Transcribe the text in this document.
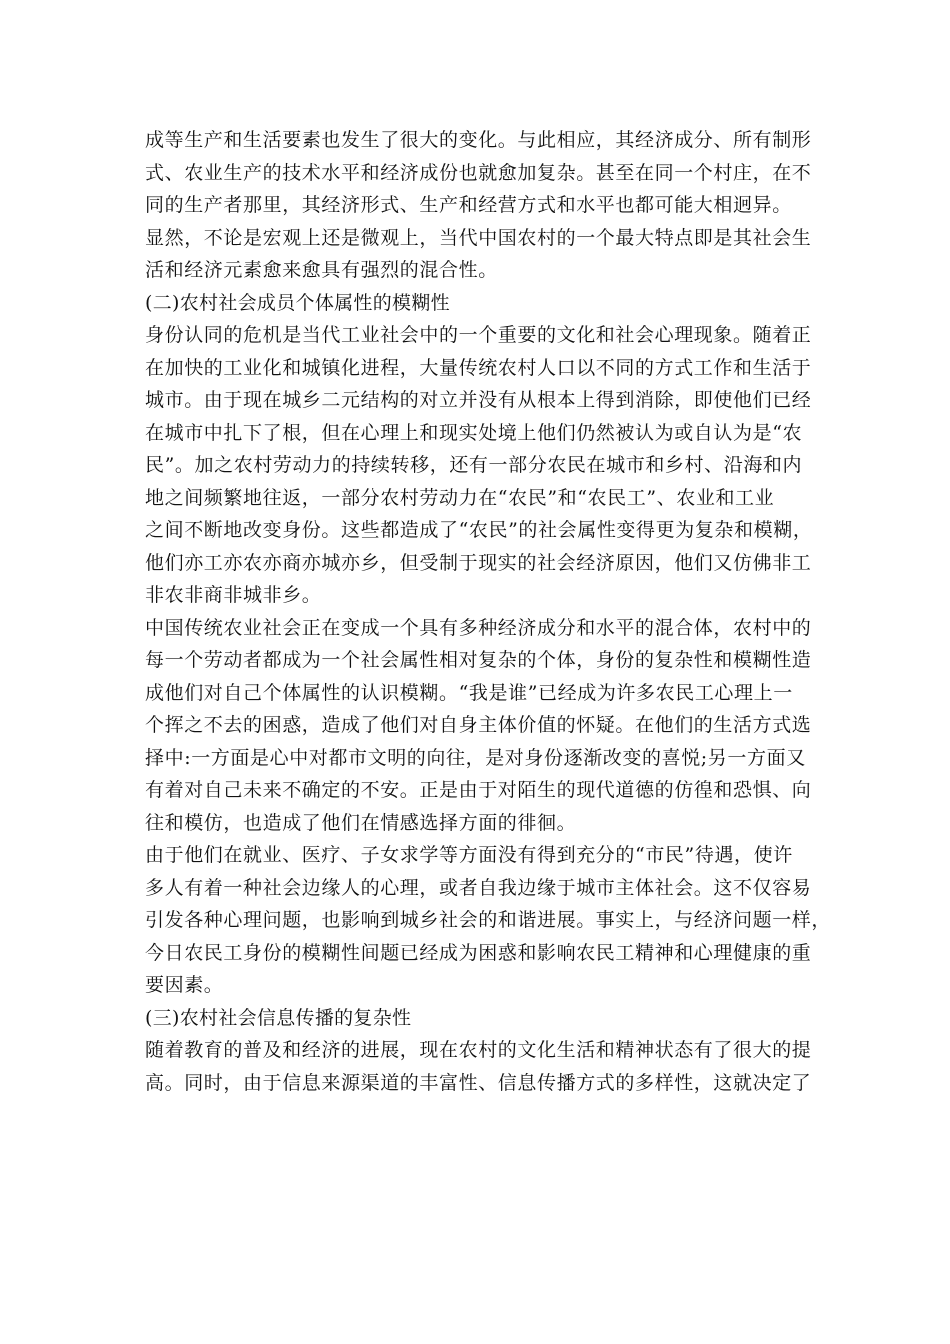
成等生产和生活要素也发生了很大的变化。与此相应，其经济成分、所有制形
式、农业生产的技术水平和经济成份也就愈加复杂。甚至在同一个村庄，在不
同的生产者那里，其经济形式、生产和经营方式和水平也都可能大相迥异。
显然，不论是宏观上还是微观上，当代中国农村的一个最大特点即是其社会生
活和经济元素愈来愈具有强烈的混合性。
(二)农村社会成员个体属性的模糊性
身份认同的危机是当代工业社会中的一个重要的文化和社会心理现象。随着正
在加快的工业化和城镇化进程，大量传统农村人口以不同的方式工作和生活于
城市。由于现在城乡二元结构的对立并没有从根本上得到消除，即使他们已经
在城市中扎下了根，但在心理上和现实处境上他们仍然被认为或自认为是“农
民”。加之农村劳动力的持续转移，还有一部分农民在城市和乡村、沿海和内
地之间频繁地往返，一部分农村劳动力在“农民”和“农民工”、农业和工业
之间不断地改变身份。这些都造成了“农民”的社会属性变得更为复杂和模糊，
他们亦工亦农亦商亦城亦乡，但受制于现实的社会经济原因，他们又仿佛非工
非农非商非城非乡。
中国传统农业社会正在变成一个具有多种经济成分和水平的混合体，农村中的
每一个劳动者都成为一个社会属性相对复杂的个体，身份的复杂性和模糊性造
成他们对自己个体属性的认识模糊。“我是谁”已经成为许多农民工心理上一
个挥之不去的困惑，造成了他们对自身主体价值的怀疑。在他们的生活方式选
择中:一方面是心中对都市文明的向往，是对身份逐渐改变的喜悦;另一方面又
有着对自己未来不确定的不安。正是由于对陌生的现代道德的仿徨和恐惧、向
往和模仿，也造成了他们在情感选择方面的徘徊。
由于他们在就业、医疗、子女求学等方面没有得到充分的“市民”待遇，使许
多人有着一种社会边缘人的心理，或者自我边缘于城市主体社会。这不仅容易
引发各种心理问题，也影响到城乡社会的和谐进展。事实上，与经济问题一样，
今日农民工身份的模糊性间题已经成为困惑和影响农民工精神和心理健康的重
要因素。
(三)农村社会信息传播的复杂性
随着教育的普及和经济的进展，现在农村的文化生活和精神状态有了很大的提
高。同时，由于信息来源渠道的丰富性、信息传播方式的多样性，这就决定了
